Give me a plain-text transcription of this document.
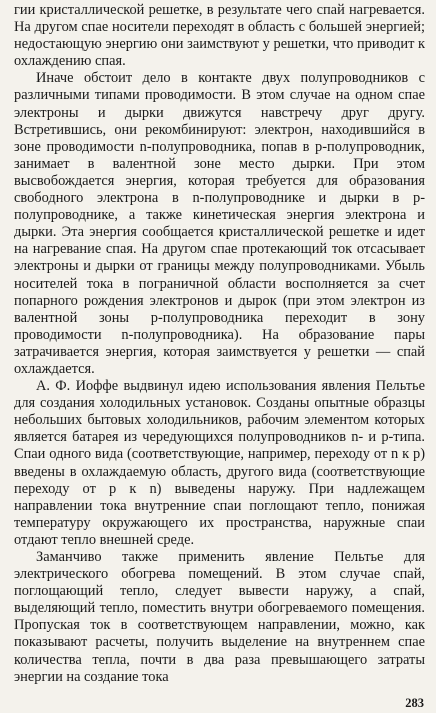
гии кристаллической решетке, в результате чего спай нагревается. На другом спае носители переходят в область с большей энергией; недостающую энергию они заимствуют у решетки, что приводит к охлаждению спая.

Иначе обстоит дело в контакте двух полупроводников с различными типами проводимости. В этом случае на одном спае электроны и дырки движутся навстречу друг другу. Встретившись, они рекомбинируют: электрон, находившийся в зоне проводимости n-полупроводника, попав в p-полупроводник, занимает в валентной зоне место дырки. При этом высвобождается энергия, которая требуется для образования свободного электрона в n-полупроводнике и дырки в p-полупроводнике, а также кинетическая энергия электрона и дырки. Эта энергия сообщается кристаллической решетке и идет на нагревание спая. На другом спае протекающий ток отсасывает электроны и дырки от границы между полупроводниками. Убыль носителей тока в пограничной области восполняется за счет попарного рождения электронов и дырок (при этом электрон из валентной зоны p-полупроводника переходит в зону проводимости n-полупроводника). На образование пары затрачивается энергия, которая заимствуется у решетки — спай охлаждается.

А. Ф. Иоффе выдвинул идею использования явления Пельтье для создания холодильных установок. Созданы опытные образцы небольших бытовых холодильников, рабочим элементом которых является батарея из чередующихся полупроводников n- и p-типа. Спаи одного вида (соответствующие, например, переходу от n к p) введены в охлаждаемую область, другого вида (соответствующие переходу от p к n) выведены наружу. При надлежащем направлении тока внутренние спаи поглощают тепло, понижая температуру окружающего их пространства, наружные спаи отдают тепло внешней среде.

Заманчиво также применить явление Пельтье для электрического обогрева помещений. В этом случае спай, поглощающий тепло, следует вывести наружу, а спай, выделяющий тепло, поместить внутри обогреваемого помещения. Пропуская ток в соответствующем направлении, можно, как показывают расчеты, получить выделение на внутреннем спае количества тепла, почти в два раза превышающего затраты энергии на создание тока

283
